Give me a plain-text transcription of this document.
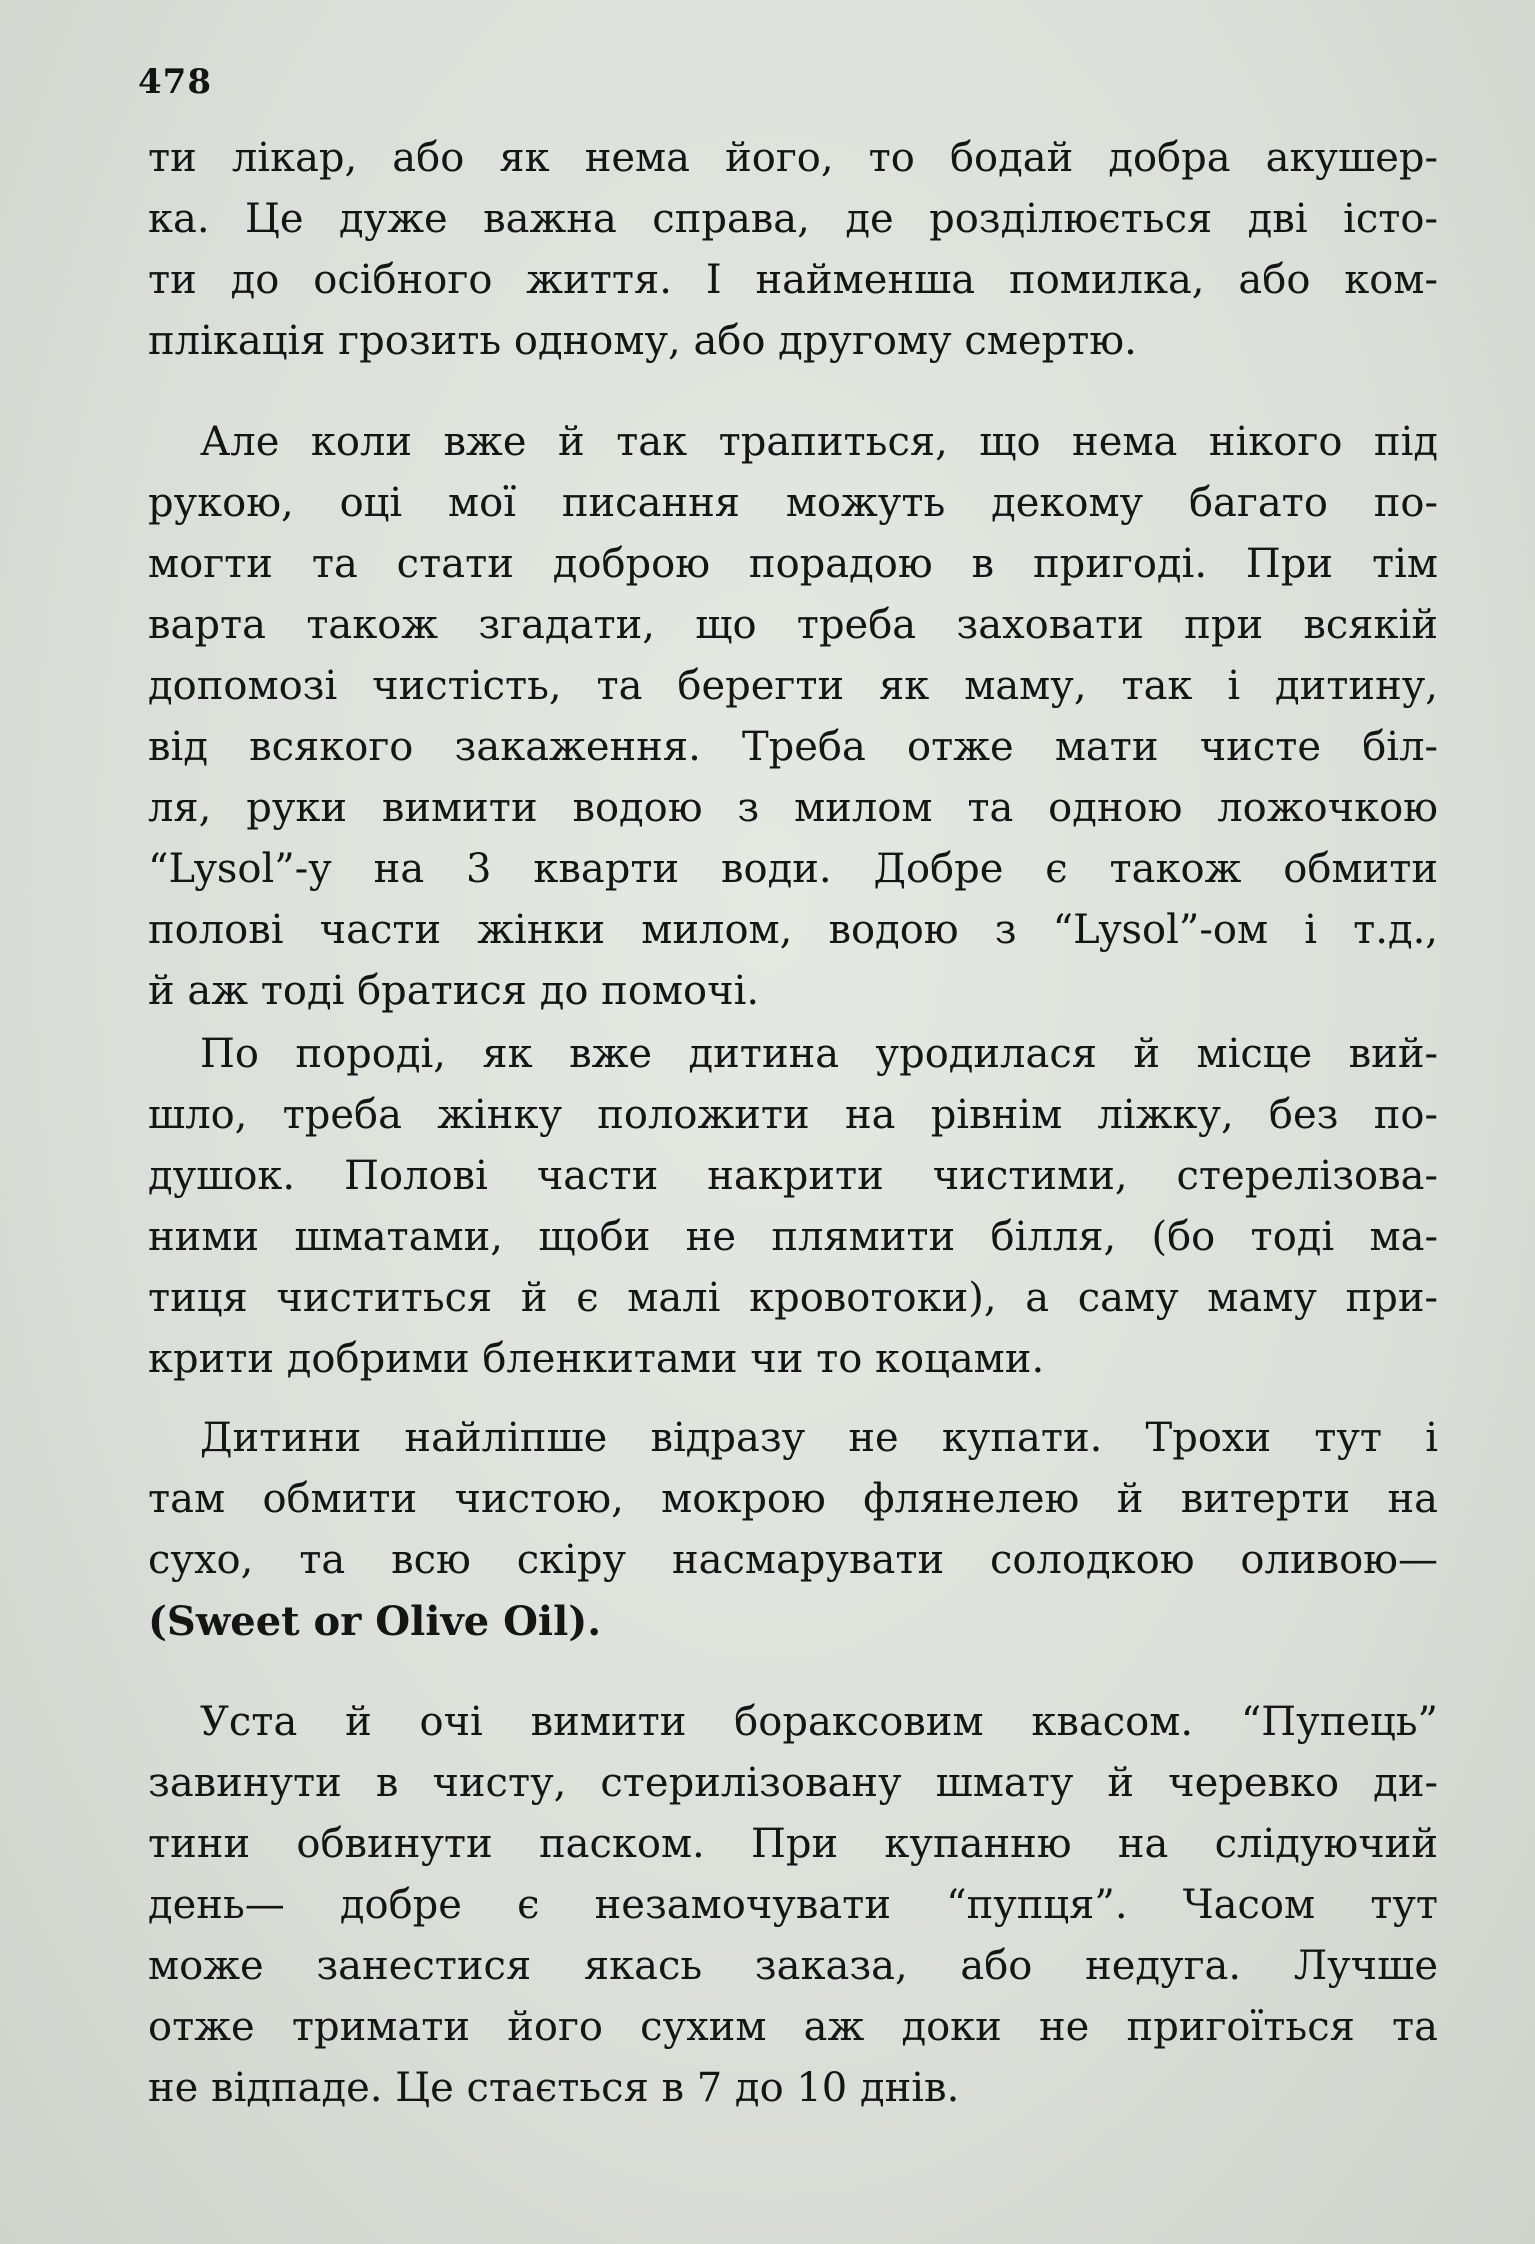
478

ти лікар, або як нема його, то бодай добра акушер-
ка. Це дуже важна справа, де розділюється дві істо-
ти до осібного життя. І найменша помилка, або ком-
плікація грозить одному, або другому смертю.

Але коли вже й так трапиться, що нема нікого під
рукою, оці мої писання можуть декому багато по-
могти та стати доброю порадою в пригоді. При тім
варта також згадати, що треба заховати при всякій
допомозі чистість, та берегти як маму, так і дитину,
від всякого закаження. Треба отже мати чисте біл-
ля, руки вимити водою з милом та одною ложочкою
“Lysol”-у на 3 кварти води. Добре є також обмити
полові части жінки милом, водою з “Lysol”-ом і т.д.,
й аж тоді братися до помочі.

По породі, як вже дитина уродилася й місце вий-
шло, треба жінку положити на рівнім ліжку, без по-
душок. Полові части накрити чистими, стерелізова-
ними шматами, щоби не плямити білля, (бо тоді ма-
тиця чиститься й є малі кровотоки), а саму маму при-
крити добрими бленкитами чи то коцами.

Дитини найліпше відразу не купати. Трохи тут і
там обмити чистою, мокрою флянелею й витерти на
сухо, та всю скіру насмарувати солодкою оливою—
(Sweet or Olive Oil).

Уста й очі вимити бораксовим квасом. “Пупець”
завинути в чисту, стерилізовану шмату й черевко ди-
тини обвинути паском. При купанню на слідуючий
день— добре є незамочувати “пупця”. Часом тут
може занестися якась заказа, або недуга. Лучше
отже тримати його сухим аж доки не пригоїться та
не відпаде. Це стається в 7 до 10 днів.
